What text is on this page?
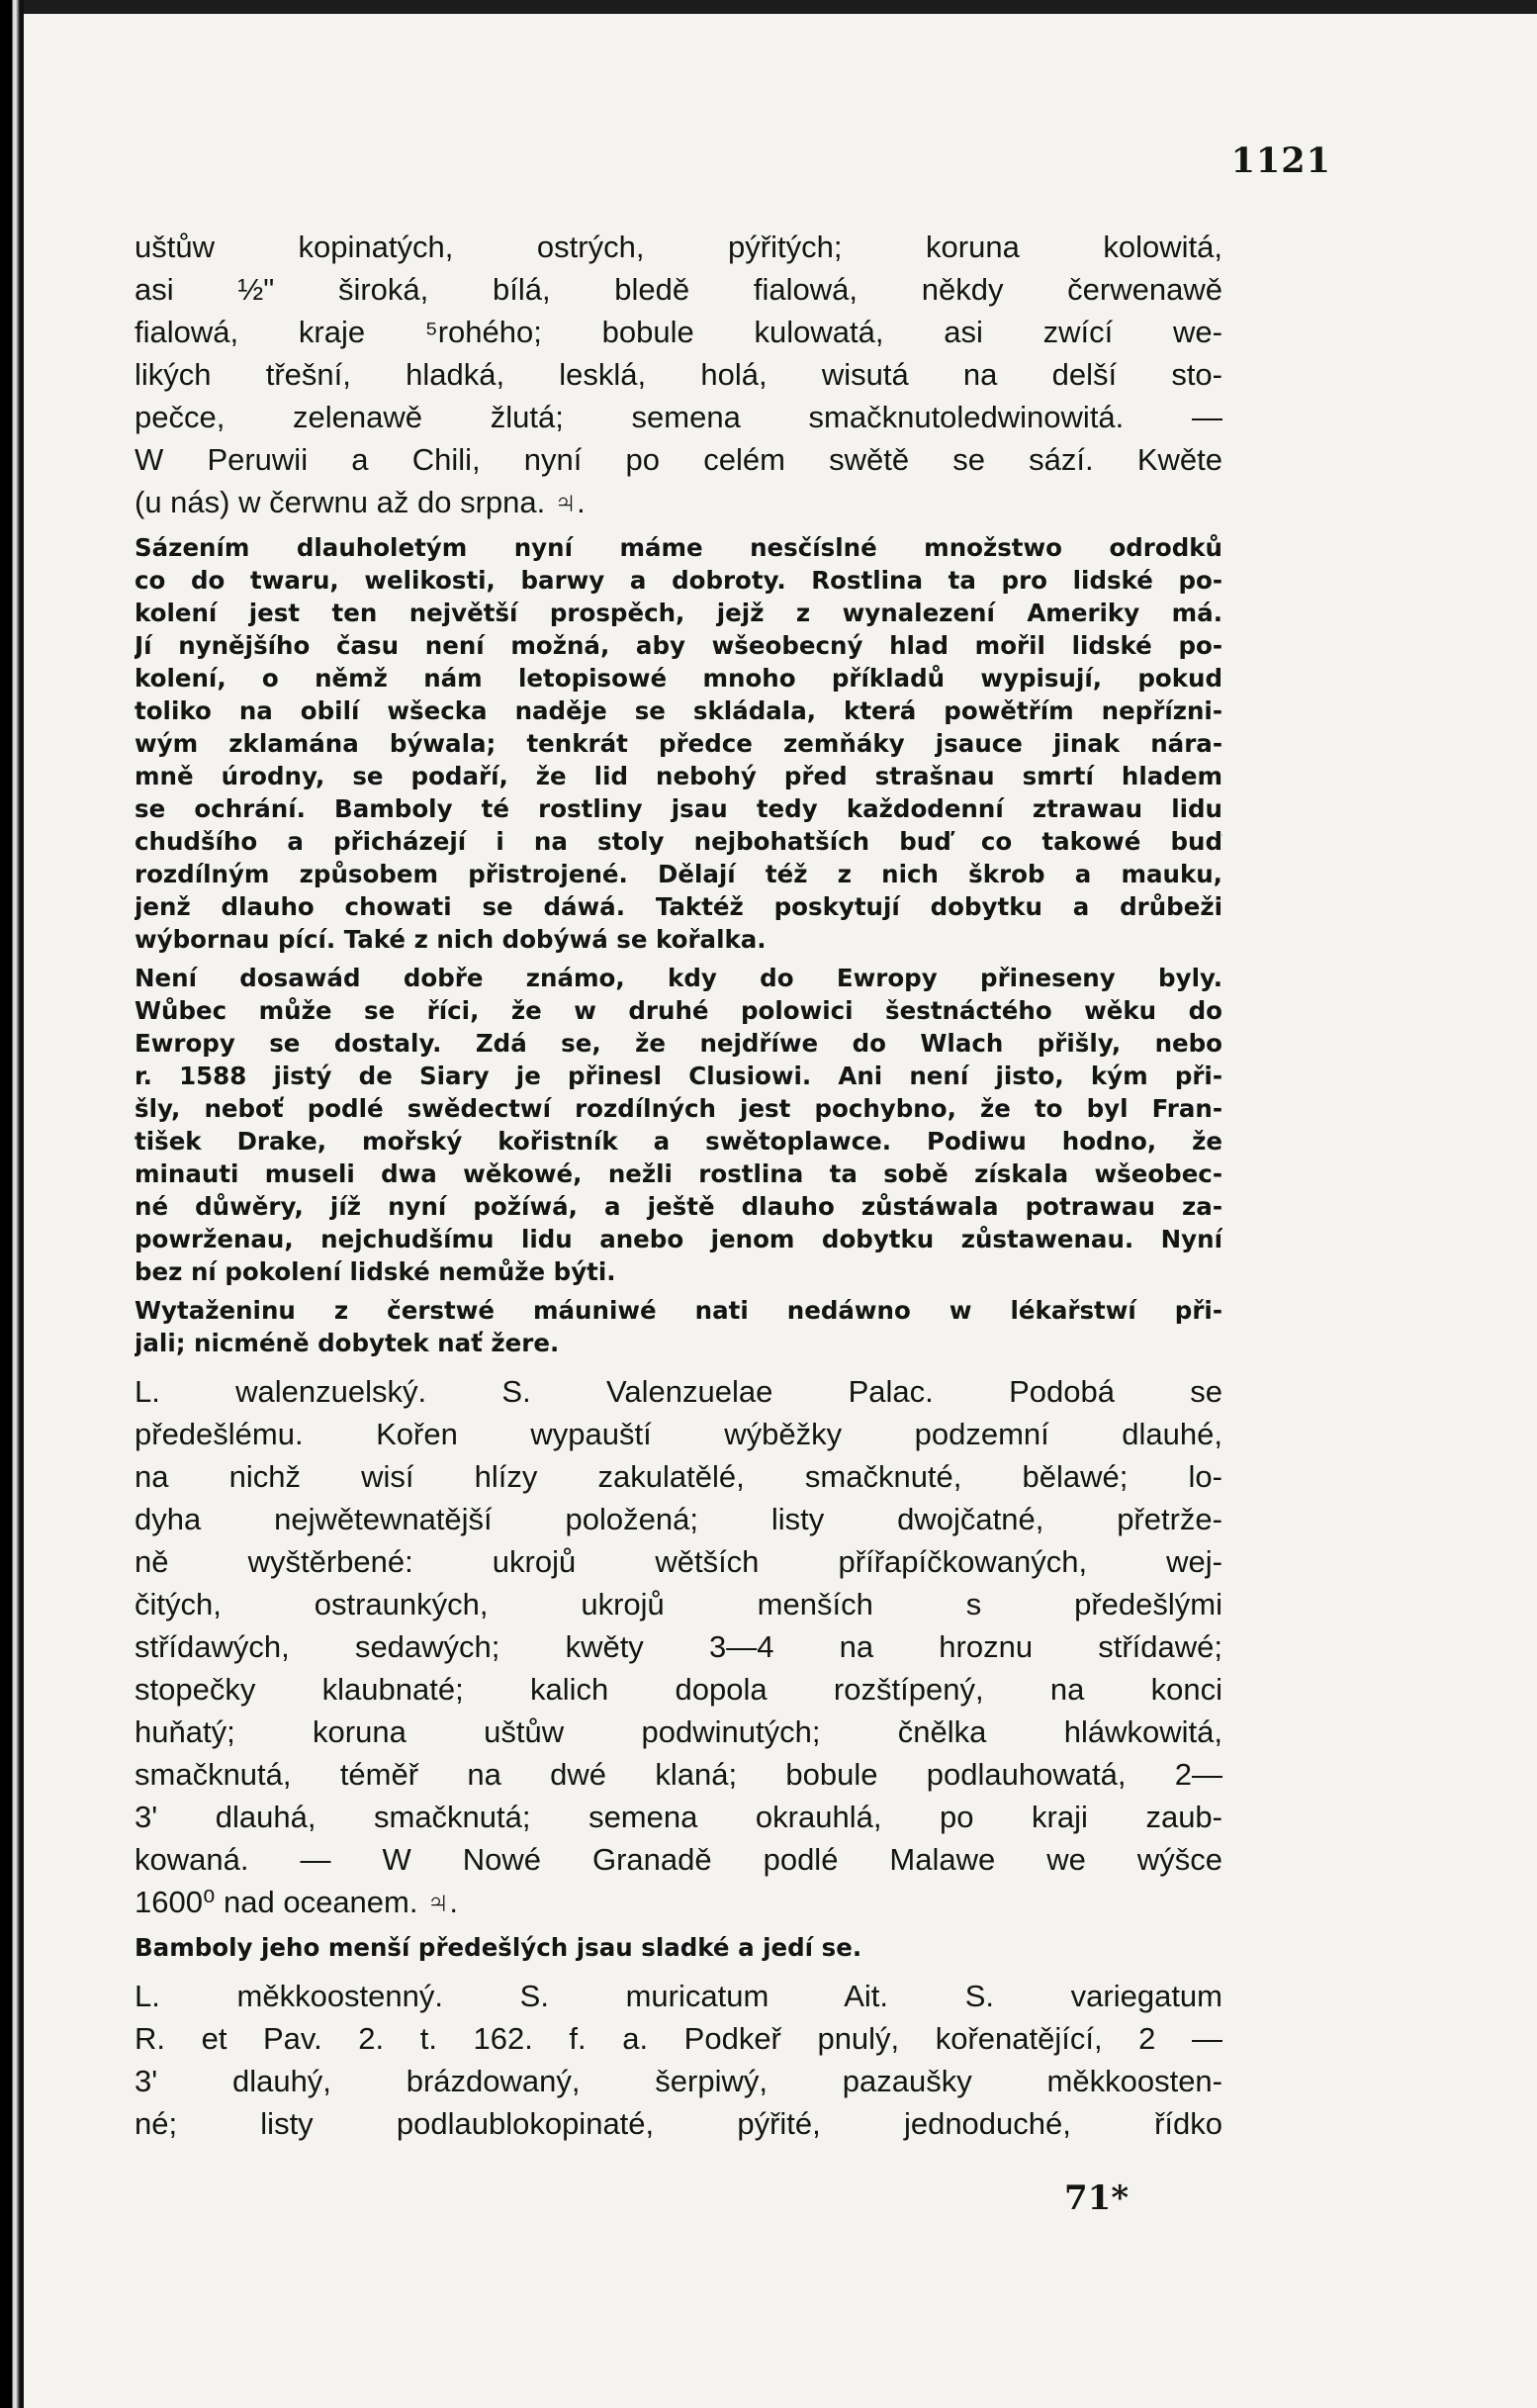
1121
uštůw kopinatých, ostrých, pýřitých; koruna kolowitá,
asi ½" široká, bílá, bledě fialowá, někdy čerwenawě
fialowá, kraje ⁵rohého; bobule kulowatá, asi zwící we-
likých třešní, hladká, lesklá, holá, wisutá na delší sto-
pečce, zelenawě žlutá; semena smačknutoledwinowitá. —
W Peruwii a Chili, nyní po celém swětě se sází. Kwěte
(u nás) w čerwnu až do srpna. ♃.
Sázením dlauholetým nyní máme nesčíslné množstwo odrodků
co do twaru, welikosti, barwy a dobroty. Rostlina ta pro lidské po-
kolení jest ten největší prospěch, jejž z wynalezení Ameriky má.
Jí nynějšího času není možná, aby wšeobecný hlad mořil lidské po-
kolení, o němž nám letopisowé mnoho příkladů wypisují, pokud
toliko na obilí wšecka naděje se skládala, která powětřím nepřízni-
wým zklamána býwala; tenkrát předce zemňáky jsauce jinak nára-
mně úrodny, se podaří, že lid nebohý před strašnau smrtí hladem
se ochrání. Bamboly té rostliny jsau tedy každodenní ztrawau lidu
chudšího a přicházejí i na stoly nejbohatších buď co takowé buď
rozdílným způsobem přistrojené. Dělají též z nich škrob a mauku,
jenž dlauho chowati se dáwá. Taktéž poskytují dobytku a drůbeži
wýbornau pící. Také z nich dobýwá se kořalka.
Není dosawád dobře známo, kdy do Ewropy přineseny byly.
Wůbec může se říci, že w druhé polowici šestnáctého wěku do
Ewropy se dostaly. Zdá se, že nejdříwe do Wlach přišly, nebo
r. 1588 jistý de Siary je přinesl Clusiowi. Ani není jisto, kým při-
šly, neboť podlé swědectwí rozdílných jest pochybno, že to byl Fran-
tišek Drake, mořský kořistník a swětoplawce. Podiwu hodno, že
minauti museli dwa wěkowé, nežli rostlina ta sobě získala wšeobec-
né důwěry, jíž nyní požíwá, a ještě dlauho zůstáwala potrawau za-
powrženau, nejchudšímu lidu anebo jenom dobytku zůstawenau. Nyní
bez ní pokolení lidské nemůže býti.
Wytaženinu z čerstwé máuniwé nati nedáwno w lékařstwí při-
jali; nicméně dobytek nať žere.
L. walenzuelský. S. Valenzuelae Palac. Podobá se
předešlému. Kořen wypauští wýběžky podzemní dlauhé,
na nichž wisí hlízy zakulatělé, smačknuté, bělawé; lo-
dyha nejwětewnatější položená; listy dwojčatné, přetrže-
ně wyštěrbené: ukrojů wětších přířapíčkowaných, wej-
čitých, ostraunkých, ukrojů menších s předešlými
střídawých, sedawých; kwěty 3—4 na hroznu střídawé;
stopečky klaubnaté; kalich dopola rozštípený, na konci
huňatý; koruna uštůw podwinutých; čnělka hláwkowitá,
smačknutá, téměř na dwé klaná; bobule podlauhowatá, 2—
3' dlauhá, smačknutá; semena okrauhlá, po kraji zaub-
kowaná. — W Nowé Granadě podlé Malawe we wýšce
1600⁰ nad oceanem. ♃.
Bamboly jeho menší předešlých jsau sladké a jedí se.
L. měkkoostenný. S. muricatum Ait. S. variegatum
R. et Pav. 2. t. 162. f. a. Podkeř pnulý, kořenatějící, 2 —
3' dlauhý, brázdowaný, šerpiwý, pazaušky měkkoosten-
né; listy podlaublokopinaté, pýřité, jednoduché, řídko
71*
